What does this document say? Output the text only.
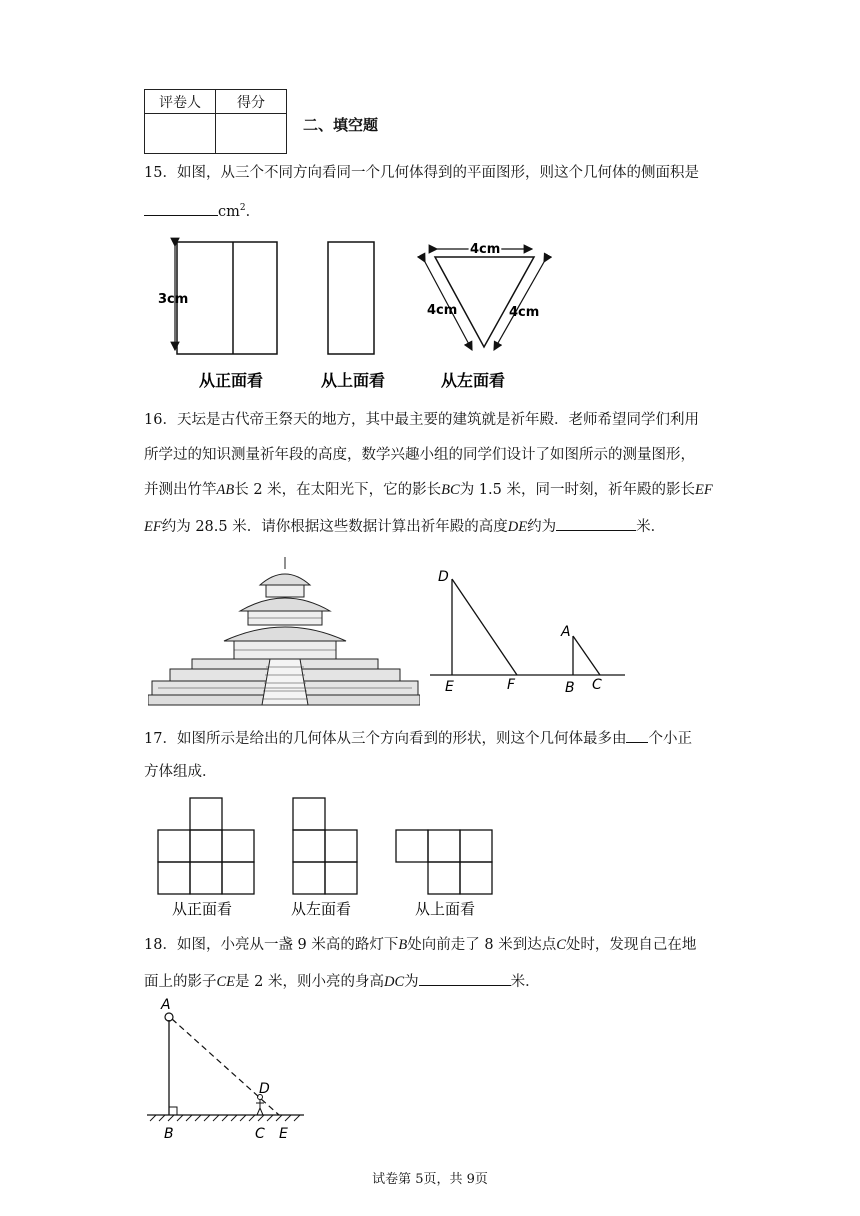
评卷人	得分

二、填空题
15．如图，从三个不同方向看同一个几何体得到的平面图形，则这个几何体的侧面积是
$cm^2$．
3cm
4cm
4cm	4cm
从正面看	从上面看	从左面看
16．天坛是古代帝王祭天的地方，其中最主要的建筑就是祈年殿．老师希望同学们利用
所学过的知识测量祈年段的高度，数学兴趣小组的同学们设计了如图所示的测量图形，
并测出竹竿AB长 2 米，在太阳光下，它的影长BC为 1.5 米，同一时刻，祈年殿的影长EF
EF约为 28.5 米．请你根据这些数据计算出祈年殿的高度DE约为	米．
D
E	F
A
B C
17．如图所示是给出的几何体从三个方向看到的形状，则这个几何体最多由 个小正
方体组成．
从正面看	从左面看	从上面看
18．如图，小亮从一盏 9 米高的路灯下B处向前走了 8 米到达点C处时，发现自己在地
面上的影子CE是 2 米，则小亮的身高DC为	米．
A
D
B	C E
试卷第 5页，共 9页
